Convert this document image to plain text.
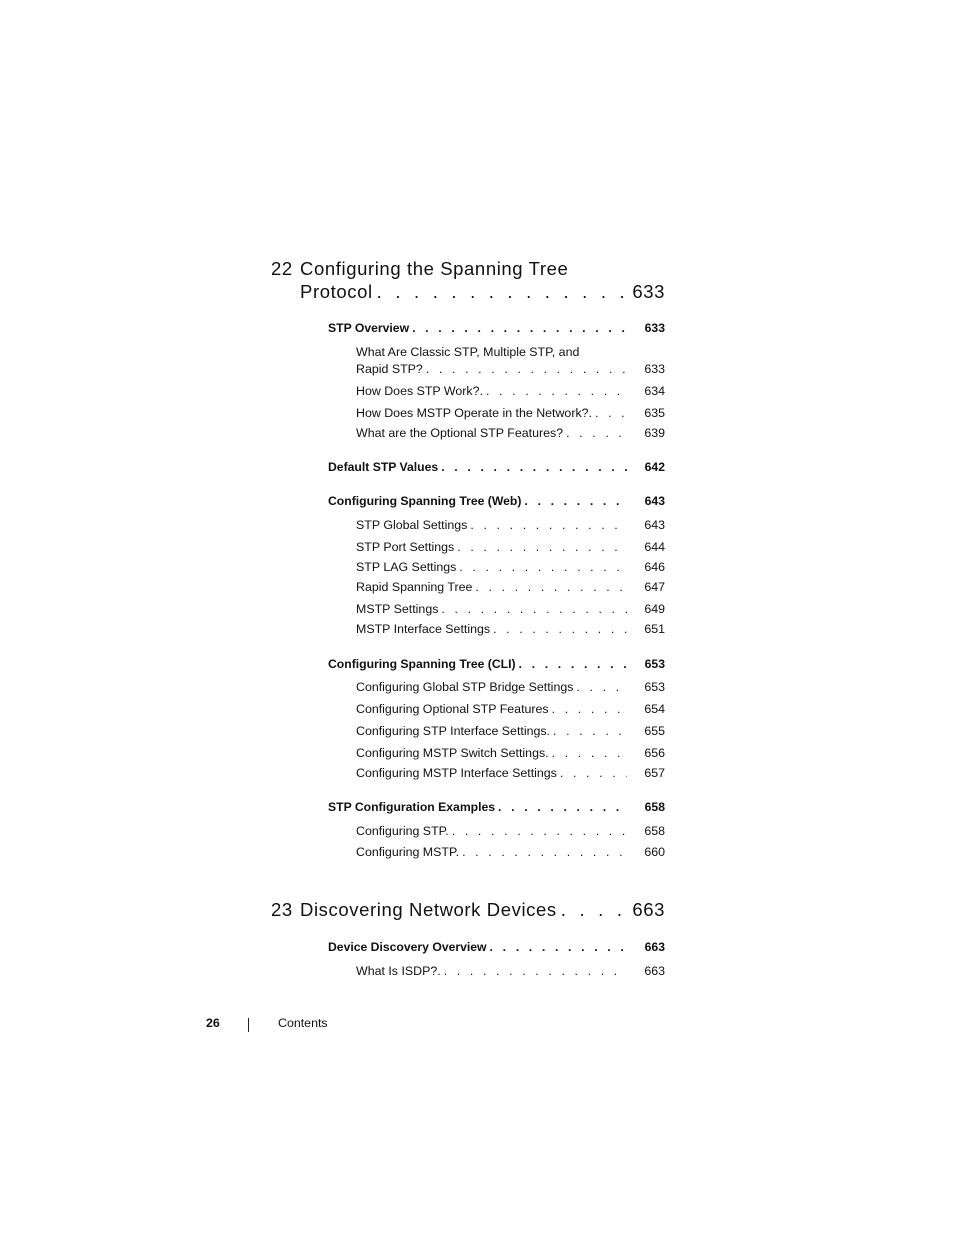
22 Configuring the Spanning Tree
Protocol . . .	633
STP Overview . . .	633
What Are Classic STP, Multiple STP, and
Rapid STP? . . .	633
How Does STP Work?. . . .	634
How Does MSTP Operate in the Network?. . . .	635
What are the Optional STP Features? . . .	639
Default STP Values . . .	642
Configuring Spanning Tree (Web) . . .	643
STP Global Settings . . .	643
STP Port Settings . . .	644
STP LAG Settings . . .	646
Rapid Spanning Tree . . .	647
MSTP Settings . . .	649
MSTP Interface Settings . . .	651
Configuring Spanning Tree (CLI) . . .	653
Configuring Global STP Bridge Settings . . .	653
Configuring Optional STP Features . . .	654
Configuring STP Interface Settings. . . .	655
Configuring MSTP Switch Settings. . . .	656
Configuring MSTP Interface Settings . . .	657
STP Configuration Examples . . .	658
Configuring STP. . . .	658
Configuring MSTP. . . .	660
23 Discovering Network Devices . . .	663
Device Discovery Overview . . .	663
What Is ISDP?. . . .	663
26	Contents
